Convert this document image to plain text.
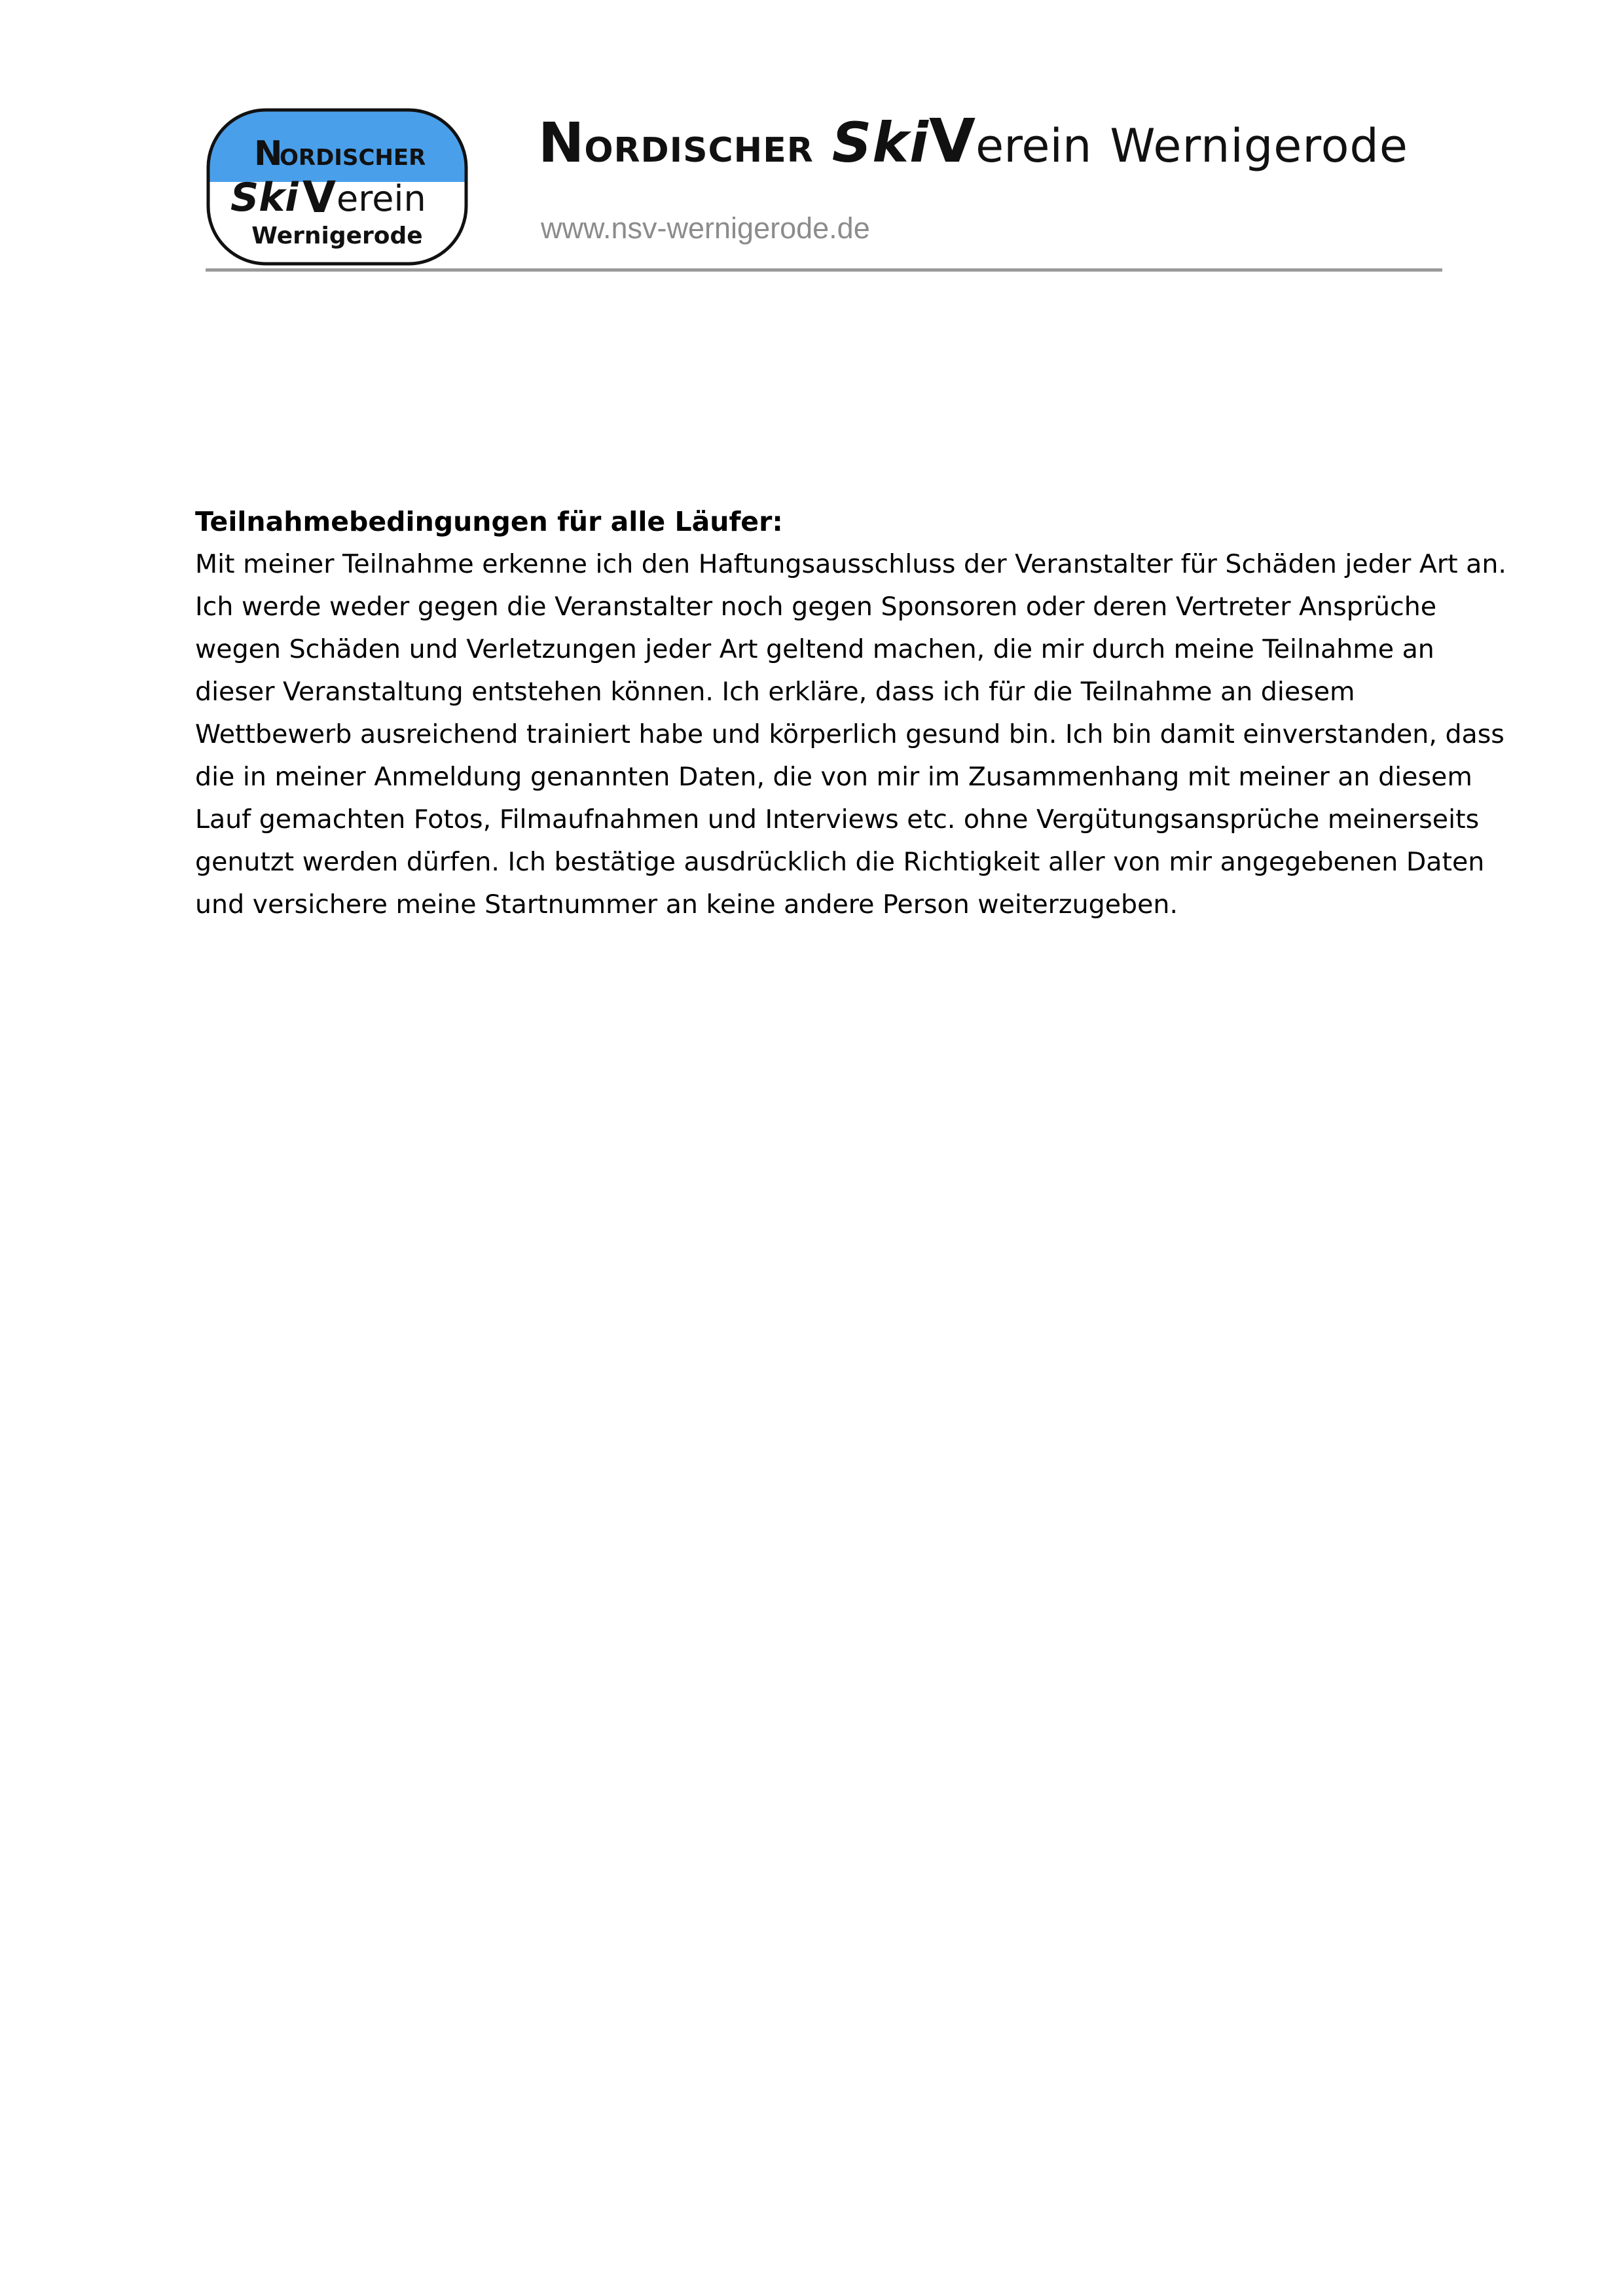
N
ORDISCHER
Ski V erein
Wernigerode
NORDISCHER SkiVerein Wernigerode
www.nsv-wernigerode.de

Teilnahmebedingungen für alle Läufer:

Mit meiner Teilnahme erkenne ich den Haftungsausschluss der Veranstalter für Schäden jeder Art an.
Ich werde weder gegen die Veranstalter noch gegen Sponsoren oder deren Vertreter Ansprüche
wegen Schäden und Verletzungen jeder Art geltend machen, die mir durch meine Teilnahme an
dieser Veranstaltung entstehen können. Ich erkläre, dass ich für die Teilnahme an diesem
Wettbewerb ausreichend trainiert habe und körperlich gesund bin. Ich bin damit einverstanden, dass
die in meiner Anmeldung genannten Daten, die von mir im Zusammenhang mit meiner an diesem
Lauf gemachten Fotos, Filmaufnahmen und Interviews etc. ohne Vergütungsansprüche meinerseits
genutzt werden dürfen. Ich bestätige ausdrücklich die Richtigkeit aller von mir angegebenen Daten
und versichere meine Startnummer an keine andere Person weiterzugeben.
